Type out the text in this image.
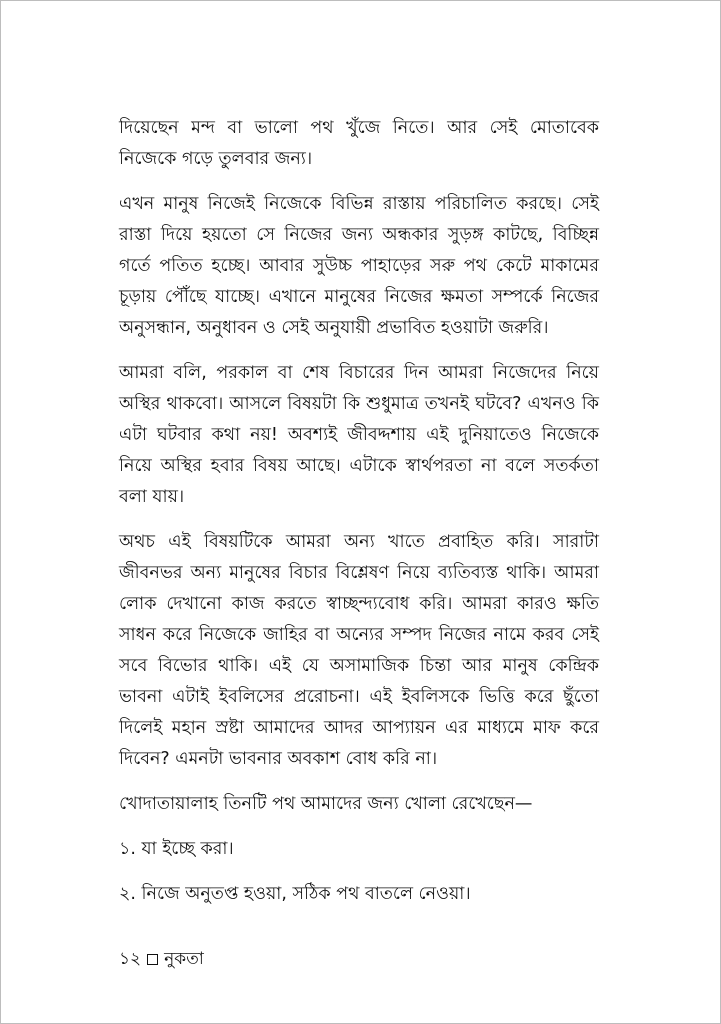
দিয়েছেন মন্দ বা ভালো পথ খুঁজে নিতে। আর সেই মোতাবেক নিজেকে গড়ে তুলবার জন্য।

এখন মানুষ নিজেই নিজেকে বিভিন্ন রাস্তায় পরিচালিত করছে। সেই রাস্তা দিয়ে হয়তো সে নিজের জন্য অন্ধকার সুড়ঙ্গ কাটছে, বিচ্ছিন্ন গর্তে পতিত হচ্ছে। আবার সুউচ্চ পাহাড়ের সরু পথ কেটে মাকামের চূড়ায় পৌঁছে যাচ্ছে। এখানে মানুষের নিজের ক্ষমতা সম্পর্কে নিজের অনুসন্ধান, অনুধাবন ও সেই অনুযায়ী প্রভাবিত হওয়াটা জরুরি।

আমরা বলি, পরকাল বা শেষ বিচারের দিন আমরা নিজেদের নিয়ে অস্থির থাকবো। আসলে বিষয়টা কি শুধুমাত্র তখনই ঘটবে? এখনও কি এটা ঘটবার কথা নয়! অবশ্যই জীবদ্দশায় এই দুনিয়াতেও নিজেকে নিয়ে অস্থির হবার বিষয় আছে। এটাকে স্বার্থপরতা না বলে সতর্কতা বলা যায়।

অথচ এই বিষয়টিকে আমরা অন্য খাতে প্রবাহিত করি। সারাটা জীবনভর অন্য মানুষের বিচার বিশ্লেষণ নিয়ে ব্যতিব্যস্ত থাকি। আমরা লোক দেখানো কাজ করতে স্বাচ্ছন্দ্যবোধ করি। আমরা কারও ক্ষতি সাধন করে নিজেকে জাহির বা অন্যের সম্পদ নিজের নামে করব সেই সবে বিভোর থাকি। এই যে অসামাজিক চিন্তা আর মানুষ কেন্দ্রিক ভাবনা এটাই ইবলিসের প্ররোচনা। এই ইবলিসকে ভিত্তি করে ছুঁতো দিলেই মহান স্রষ্টা আমাদের আদর আপ্যায়ন এর মাধ্যমে মাফ করে দিবেন? এমনটা ভাবনার অবকাশ বোধ করি না।

খোদাতায়ালাহ তিনটি পথ আমাদের জন্য খোলা রেখেছেন—

১. যা ইচ্ছে করা।

২. নিজে অনুতপ্ত হওয়া, সঠিক পথ বাতলে নেওয়া।

১২ নুকতা
